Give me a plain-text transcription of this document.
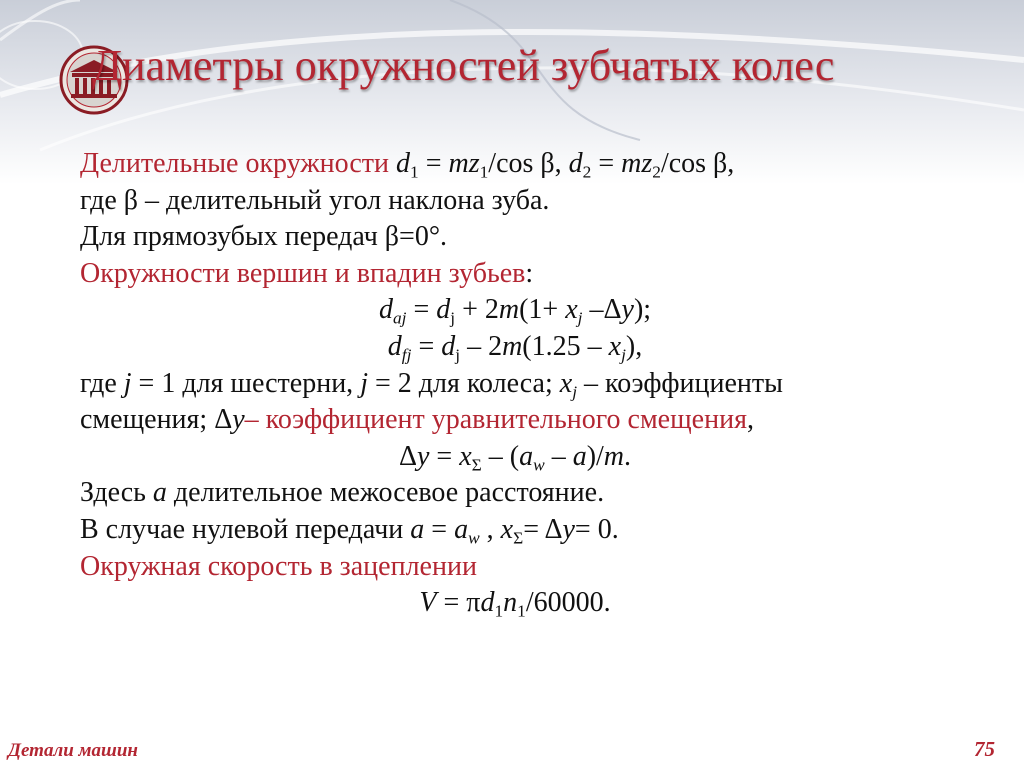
Диаметры окружностей зубчатых колес
Делительные окружности $d_1 = mz_1/\cos$ β, $d_2 = mz_2/\cos$ β,
где β – делительный угол наклона зуба.
Для прямозубых передач β=0°.
Окружности вершин и впадин зубьев:
$d_{aj} = d_j + 2m(1+ x_j$ –Δy);
$d_{fj} = d_j - 2m(1.25 - x_j)$,
где j = 1 для шестерни, j = 2 для колеса; $x_j$ – коэффициенты
смещения; Δy– коэффициент уравнительного смещения,
$\Delta y = x_\Sigma - (a_w - a)/m$.
Здесь a делительное межосевое расстояние.
В случае нулевой передачи $a = a_w$ , $x_\Sigma= \Delta y= 0$.
Окружная скорость в зацеплении
$V = \pi d_1n_1/60000$.
Детали машин	75
